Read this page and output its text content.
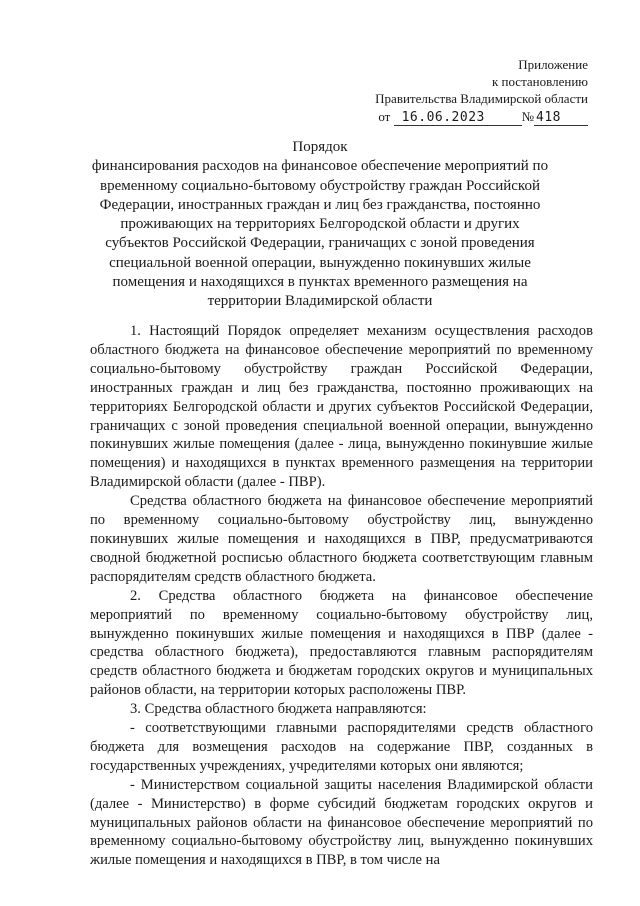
Приложение
к постановлению
Правительства Владимирской области
от 16.06.2023	№ 418
Порядок
финансирования расходов на финансовое обеспечение мероприятий по временному социально-бытовому обустройству граждан Российской Федерации, иностранных граждан и лиц без гражданства, постоянно проживающих на территориях Белгородской области и других субъектов Российской Федерации, граничащих с зоной проведения специальной военной операции, вынужденно покинувших жилые помещения и находящихся в пунктах временного размещения на территории Владимирской области

1. Настоящий Порядок определяет механизм осуществления расходов областного бюджета на финансовое обеспечение мероприятий по временному социально-бытовому обустройству граждан Российской Федерации, иностранных граждан и лиц без гражданства, постоянно проживающих на территориях Белгородской области и других субъектов Российской Федерации, граничащих с зоной проведения специальной военной операции, вынужденно покинувших жилые помещения (далее - лица, вынужденно покинувшие жилые помещения) и находящихся в пунктах временного размещения на территории Владимирской области (далее - ПВР).

Средства областного бюджета на финансовое обеспечение мероприятий по временному социально-бытовому обустройству лиц, вынужденно покинувших жилые помещения и находящихся в ПВР, предусматриваются сводной бюджетной росписью областного бюджета соответствующим главным распорядителям средств областного бюджета.

2. Средства областного бюджета на финансовое обеспечение мероприятий по временному социально-бытовому обустройству лиц, вынужденно покинувших жилые помещения и находящихся в ПВР (далее - средства областного бюджета), предоставляются главным распорядителям средств областного бюджета и бюджетам городских округов и муниципальных районов области, на территории которых расположены ПВР.

3. Средства областного бюджета направляются:

- соответствующими главными распорядителями средств областного бюджета для возмещения расходов на содержание ПВР, созданных в государственных учреждениях, учредителями которых они являются;

- Министерством социальной защиты населения Владимирской области (далее - Министерство) в форме субсидий бюджетам городских округов и муниципальных районов области на финансовое обеспечение мероприятий по временному социально-бытовому обустройству лиц, вынужденно покинувших жилые помещения и находящихся в ПВР, в том числе на
